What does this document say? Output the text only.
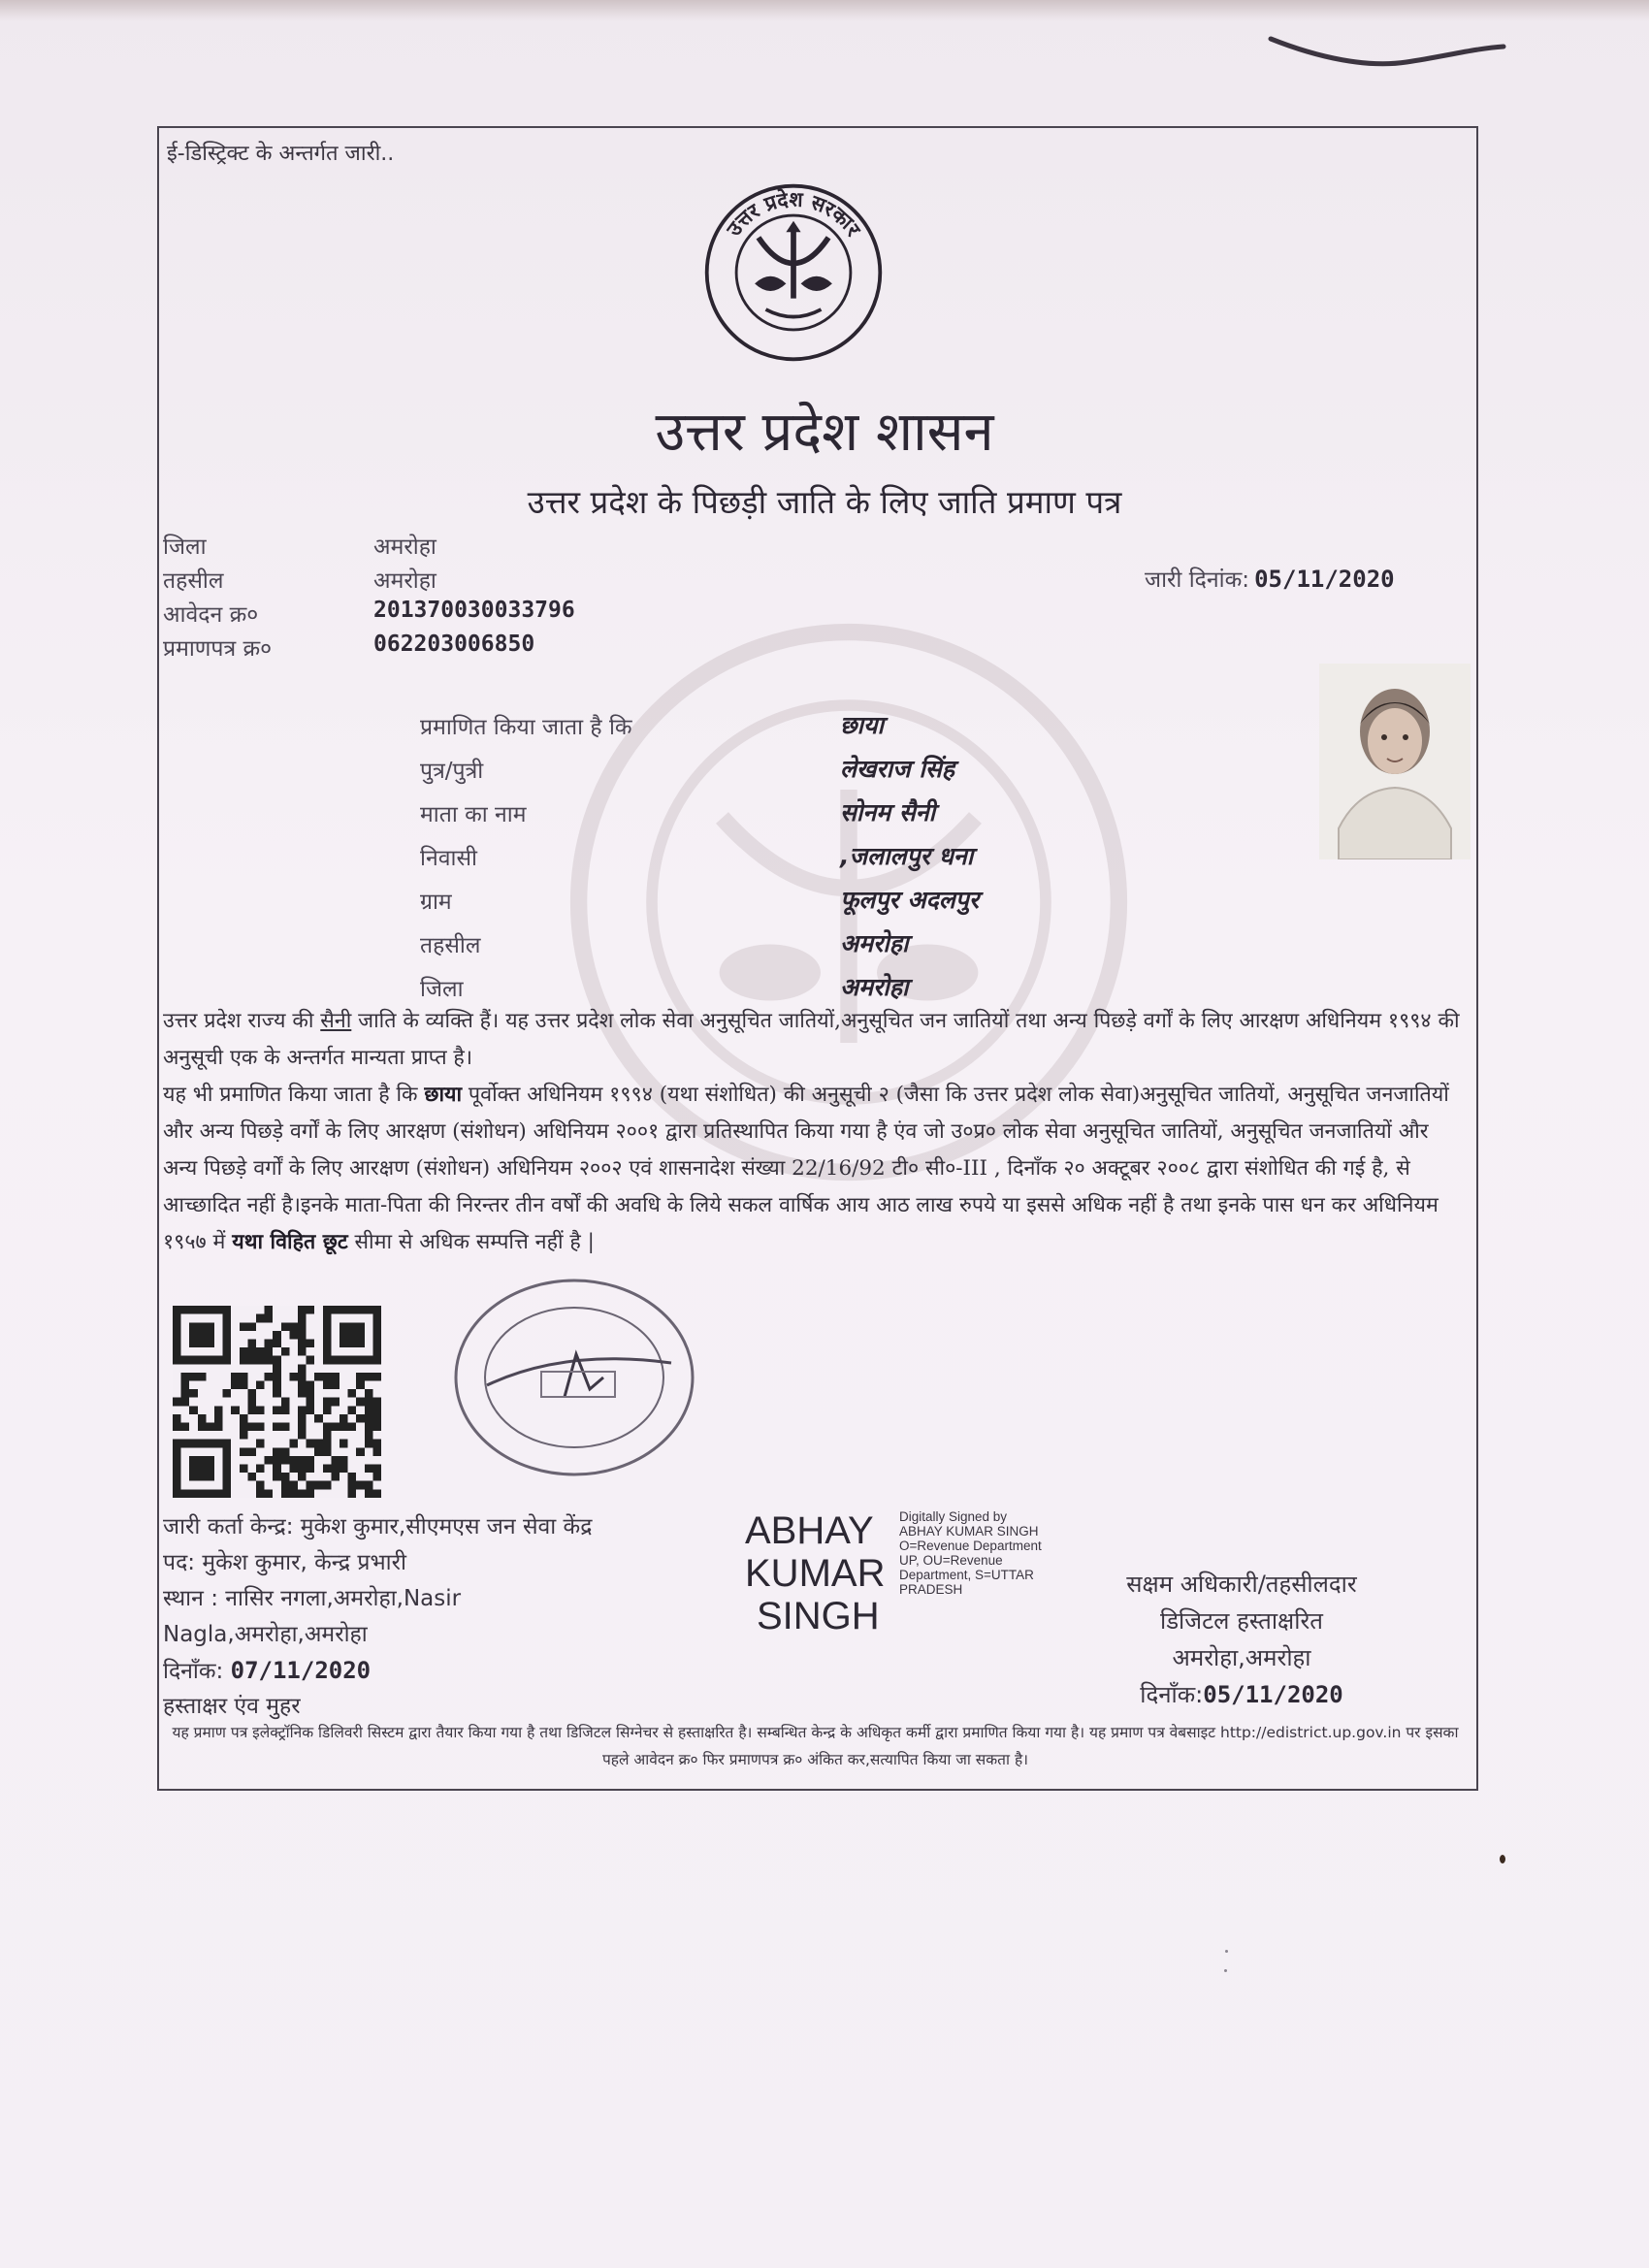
ई-डिस्ट्रिक्ट के अन्तर्गत जारी..
उत्तर प्रदेश सरकार
उत्तर प्रदेश शासन
उत्तर प्रदेश के पिछड़ी जाति के लिए जाति प्रमाण पत्र
जिला	अमरोहा
तहसील	अमरोहा
आवेदन क्र०	201370030033796
प्रमाणपत्र क्र०	062203006850
जारी दिनांक: 05/11/2020
प्रमाणित किया जाता है कि	छाया
पुत्र/पुत्री	लेखराज सिंह
माता का नाम	सोनम सैनी
निवासी	,जलालपुर धना
ग्राम	फूलपुर अदलपुर
तहसील	अमरोहा
जिला	अमरोहा
उत्तर प्रदेश राज्य की सैनी जाति के व्यक्ति हैं। यह उत्तर प्रदेश लोक सेवा अनुसूचित जातियों,अनुसूचित जन जातियों तथा अन्य पिछड़े वर्गों के लिए आरक्षण अधिनियम १९९४ की अनुसूची एक के अन्तर्गत मान्यता प्राप्त है।
यह भी प्रमाणित किया जाता है कि छाया पूर्वोक्त अधिनियम १९९४ (यथा संशोधित) की अनुसूची २ (जैसा कि उत्तर प्रदेश लोक सेवा)अनुसूचित जातियों, अनुसूचित जनजातियों और अन्य पिछड़े वर्गों के लिए आरक्षण (संशोधन) अधिनियम २००१ द्वारा प्रतिस्थापित किया गया है एंव जो उ०प्र० लोक सेवा अनुसूचित जातियों, अनुसूचित जनजातियों और अन्य पिछड़े वर्गों के लिए आरक्षण (संशोधन) अधिनियम २००२ एवं शासनादेश संख्या 22/16/92 टी० सी०-III , दिनाँक २० अक्टूबर २००८ द्वारा संशोधित की गई है, से आच्छादित नहीं है।इनके माता-पिता की निरन्तर तीन वर्षों की अवधि के लिये सकल वार्षिक आय आठ लाख रुपये या इससे अधिक नहीं है तथा इनके पास धन कर अधिनियम १९५७ में यथा विहित छूट सीमा से अधिक सम्पत्ति नहीं है |
जारी कर्ता केन्द्र: मुकेश कुमार,सीएमएस जन सेवा केंद्र
पद: मुकेश कुमार, केन्द्र प्रभारी
स्थान : नासिर नगला,अमरोहा,Nasir
Nagla,अमरोहा,अमरोहा
दिनाँक: 07/11/2020
हस्ताक्षर एंव मुहर
ABHAY
KUMAR
SINGH
Digitally Signed by
ABHAY KUMAR SINGH
O=Revenue Department
UP, OU=Revenue
Department, S=UTTAR
PRADESH	सक्षम अधिकारी/तहसीलदार
डिजिटल हस्ताक्षरित
अमरोहा,अमरोहा
दिनाँक:05/11/2020
यह प्रमाण पत्र इलेक्ट्रॉनिक डिलिवरी सिस्टम द्वारा तैयार किया गया है तथा डिजिटल सिग्नेचर से हस्ताक्षरित है। सम्बन्धित केन्द्र के अधिकृत कर्मी द्वारा प्रमाणित किया गया है। यह प्रमाण पत्र वेबसाइट http://edistrict.up.gov.in पर इसका पहले आवेदन क्र० फिर प्रमाणपत्र क्र० अंकित कर,सत्यापित किया जा सकता है।
